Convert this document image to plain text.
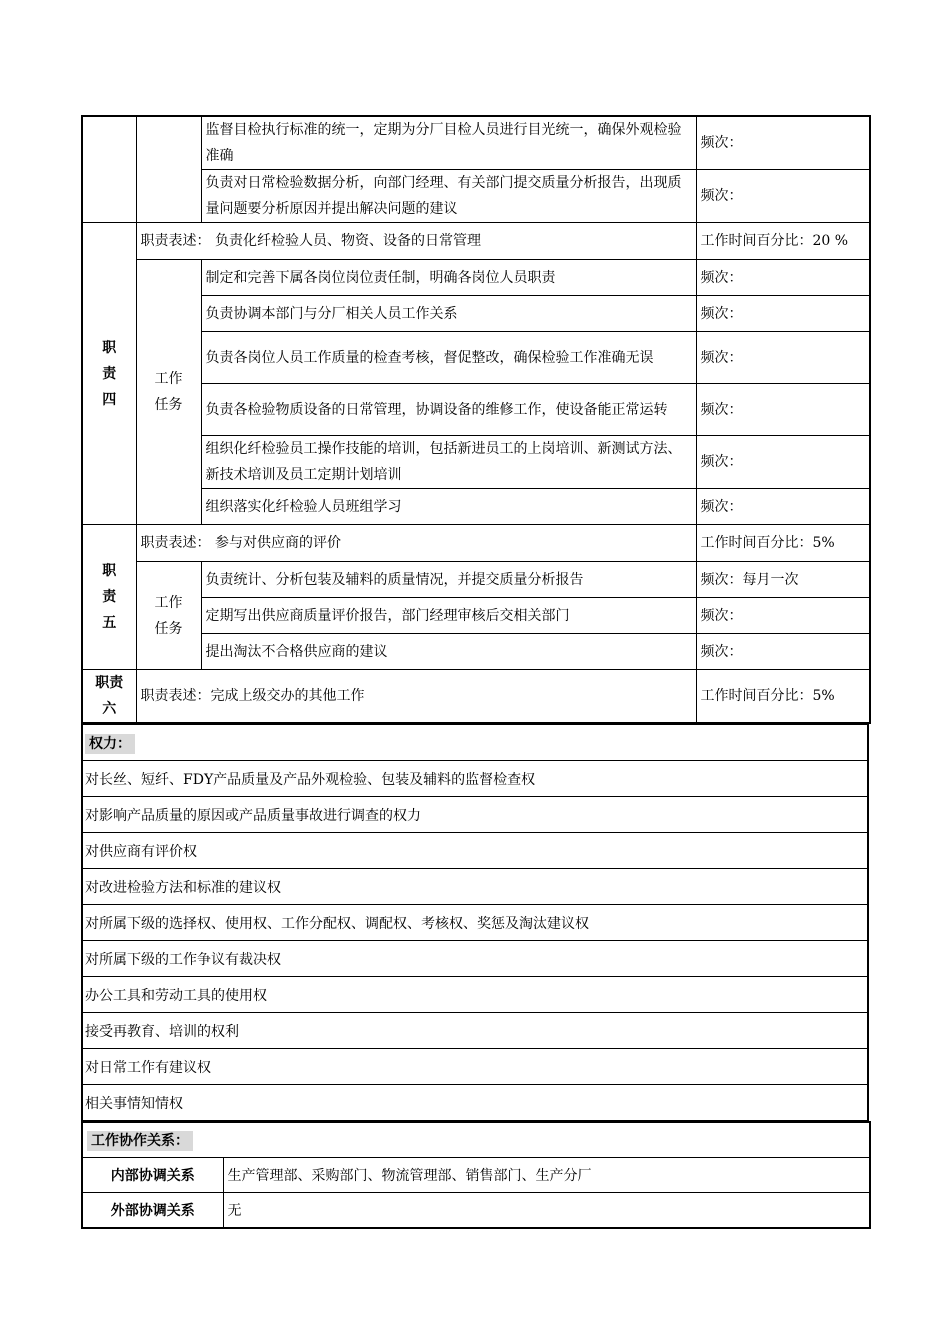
		监督目检执行标准的统一，定期为分厂目检人员进行目光统一，确保外观检验准确	频次：
		负责对日常检验数据分析，向部门经理、有关部门提交质量分析报告，出现质量问题要分析原因并提出解决问题的建议	频次：

职责四	职责表述： 负责化纤检验人员、物资、设备的日常管理		工作时间百分比：20 %

	工作任务	制定和完善下属各岗位岗位责任制，明确各岗位人员职责	频次：
		负责协调本部门与分厂相关人员工作关系	频次：
		负责各岗位人员工作质量的检查考核，督促整改，确保检验工作准确无误	频次：
		负责各检验物质设备的日常管理，协调设备的维修工作，使设备能正常运转	频次：
		组织化纤检验员工操作技能的培训，包括新进员工的上岗培训、新测试方法、新技术培训及员工定期计划培训	频次：
		组织落实化纤检验人员班组学习	频次：

职责五	职责表述： 参与对供应商的评价		工作时间百分比：5%

	工作任务	负责统计、分析包装及辅料的质量情况，并提交质量分析报告	频次：每月一次
		定期写出供应商质量评价报告，部门经理审核后交相关部门	频次：
		提出淘汰不合格供应商的建议	频次：

职责六	职责表述：完成上级交办的其他工作		工作时间百分比：5%
权力：
对长丝、短纤、FDY产品质量及产品外观检验、包装及辅料的监督检查权
对影响产品质量的原因或产品质量事故进行调查的权力
对供应商有评价权
对改进检验方法和标准的建议权
对所属下级的选择权、使用权、工作分配权、调配权、考核权、奖惩及淘汰建议权
对所属下级的工作争议有裁决权
办公工具和劳动工具的使用权
接受再教育、培训的权利
对日常工作有建议权
相关事情知情权
工作协作关系：	
内部协调关系	生产管理部、采购部门、物流管理部、销售部门、生产分厂
外部协调关系	无
